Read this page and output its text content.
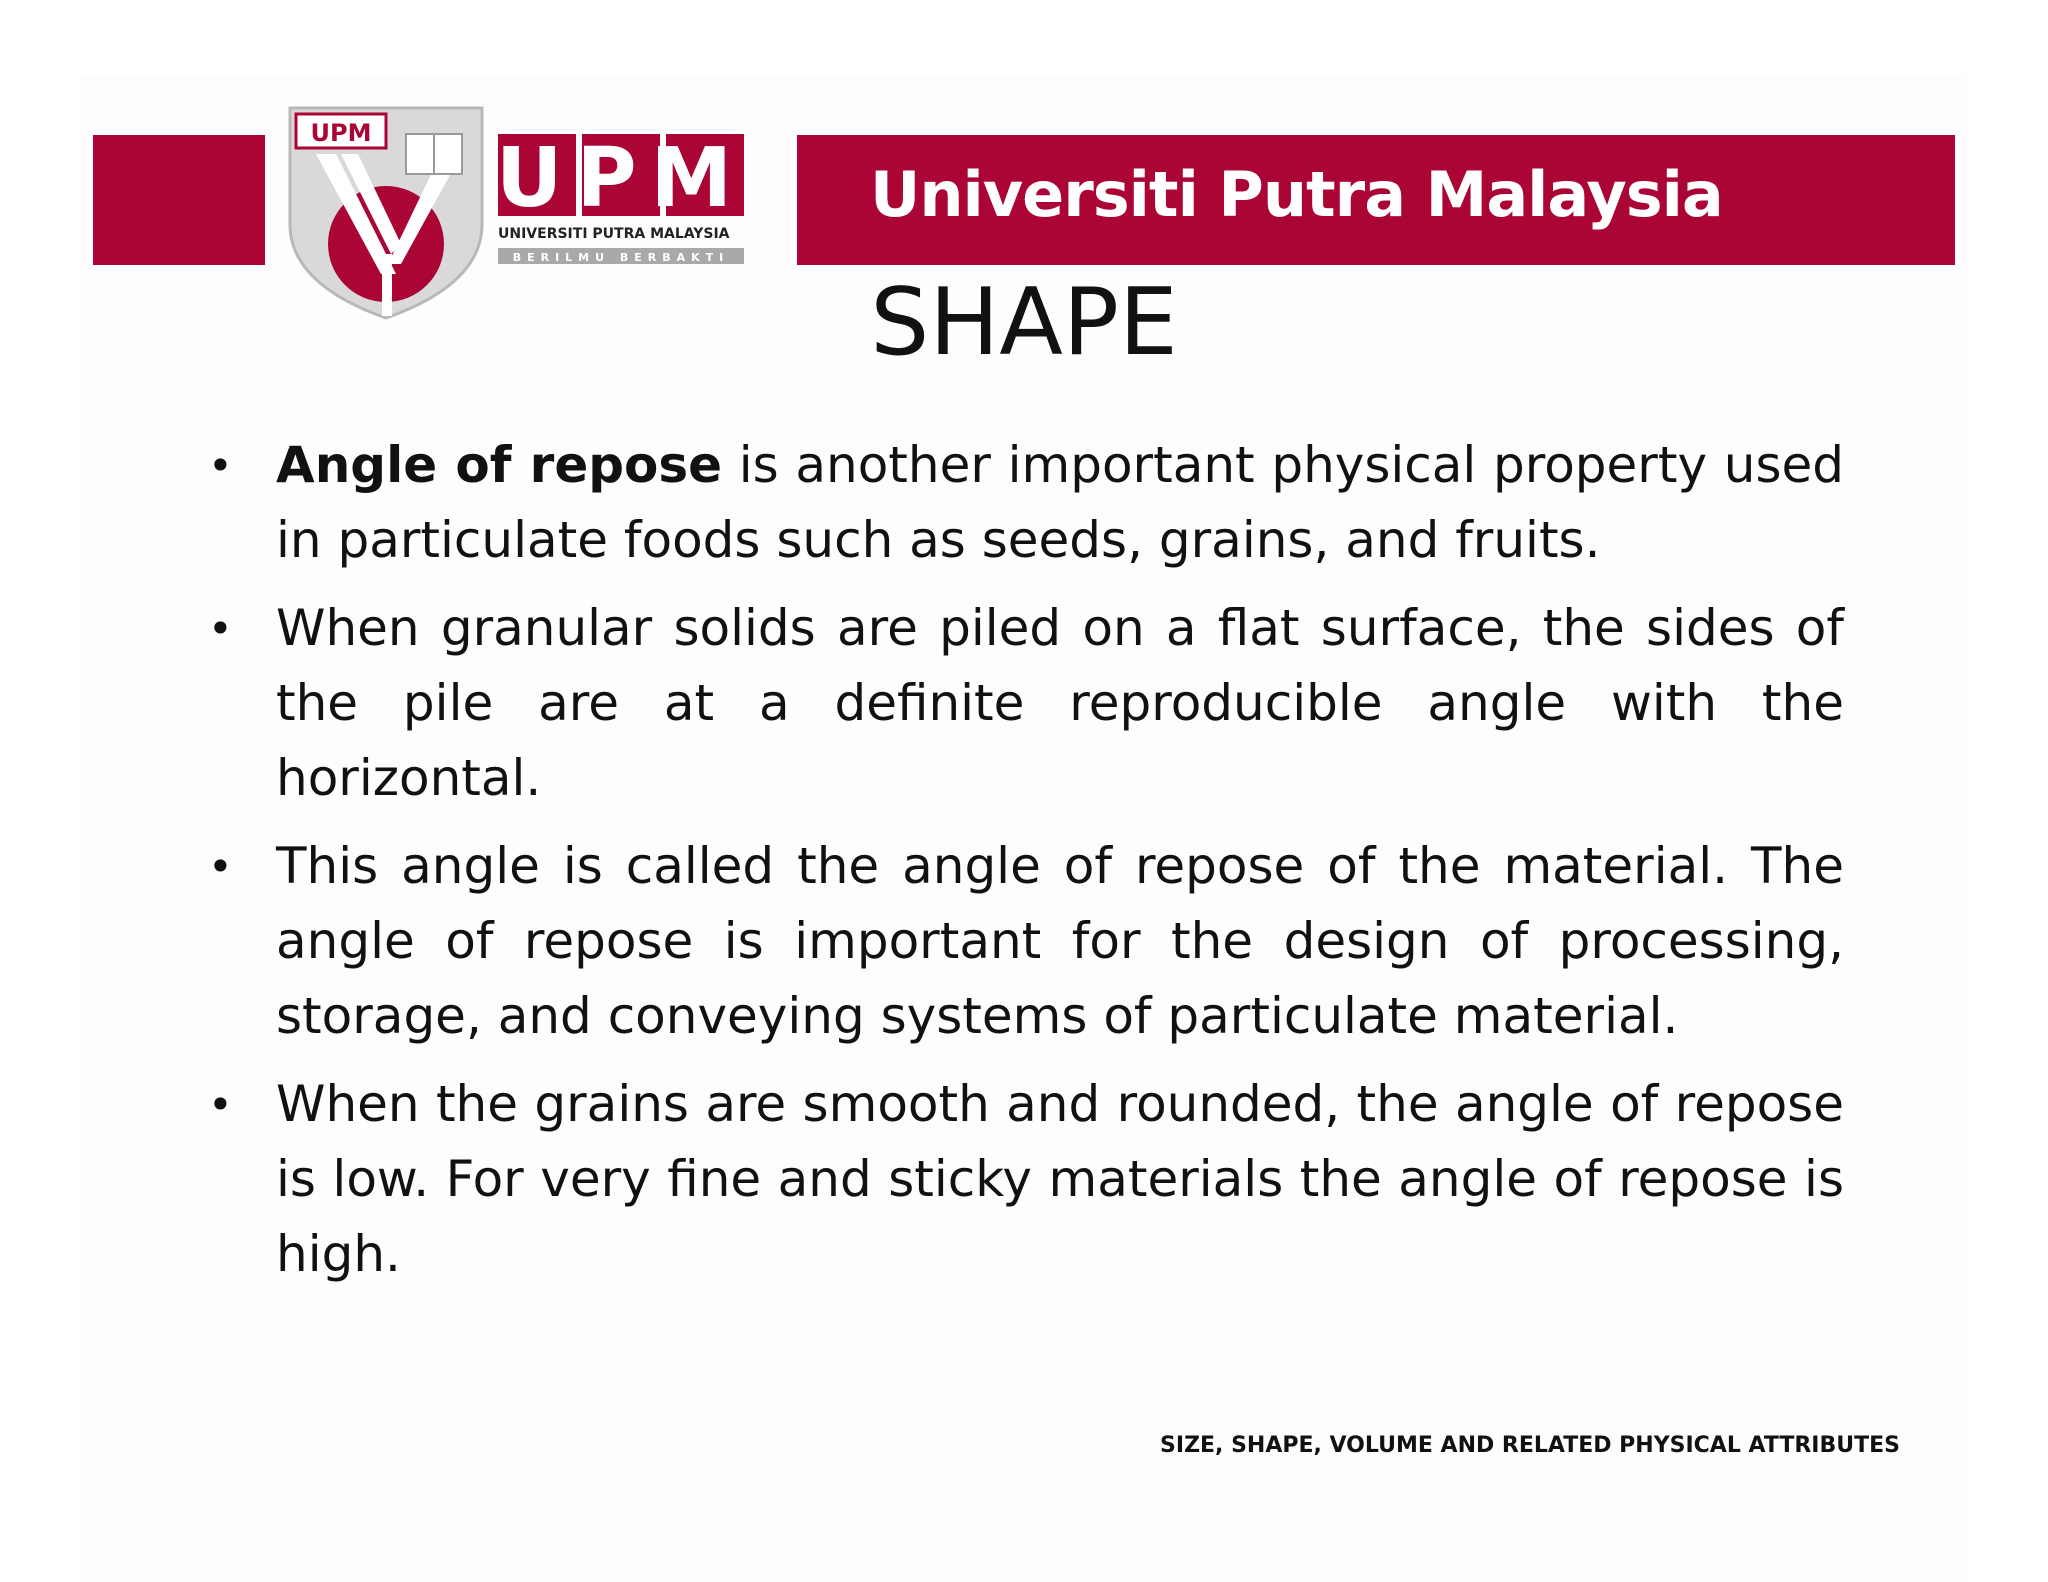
Universiti Putra Malaysia
UPM UPM
UNIVERSITI PUTRA MALAYSIA
BERILMU BERBAKTI
SHAPE
• Angle of repose is another important physical property used in particulate foods such as seeds, grains, and fruits.
• When granular solids are piled on a flat surface, the sides of the pile are at a definite reproducible angle with the horizontal.
• This angle is called the angle of repose of the material. The angle of repose is important for the design of processing, storage, and conveying systems of particulate material.
• When the grains are smooth and rounded, the angle of repose is low. For very fine and sticky materials the angle of repose is high.
SIZE, SHAPE, VOLUME AND RELATED PHYSICAL ATTRIBUTES
